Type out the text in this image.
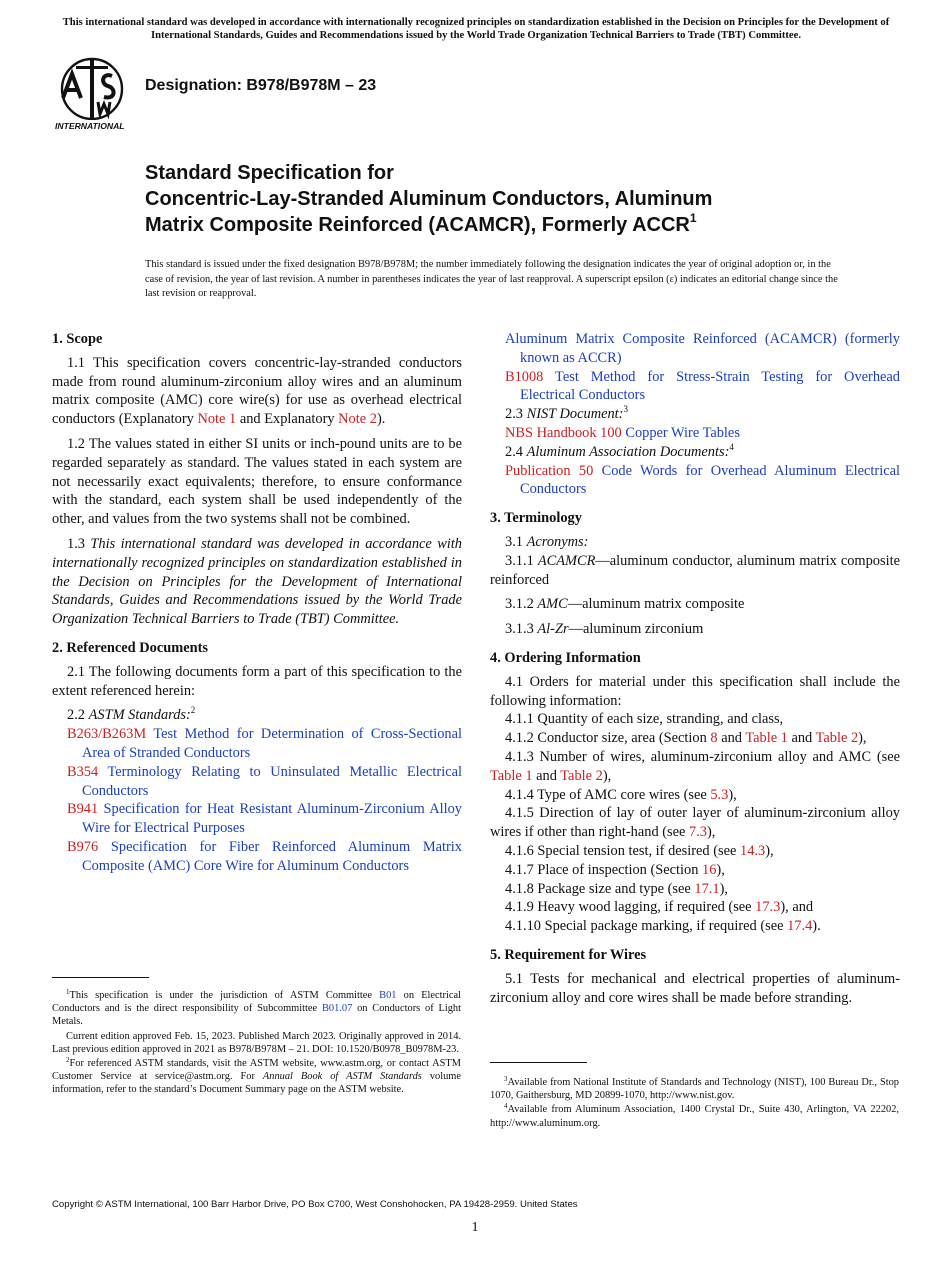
This international standard was developed in accordance with internationally recognized principles on standardization established in the Decision on Principles for the Development of International Standards, Guides and Recommendations issued by the World Trade Organization Technical Barriers to Trade (TBT) Committee.
INTERNATIONAL
Designation: B978/B978M – 23
Standard Specification for
Concentric-Lay-Stranded Aluminum Conductors, Aluminum
Matrix Composite Reinforced (ACAMCR), Formerly ACCR$^1$
This standard is issued under the fixed designation B978/B978M; the number immediately following the designation indicates the year of original adoption or, in the case of revision, the year of last revision. A number in parentheses indicates the year of last reapproval. A superscript epsilon (ε) indicates an editorial change since the last revision or reapproval.

1. Scope

1.1 This specification covers concentric-lay-stranded conductors made from round aluminum-zirconium alloy wires and an aluminum matrix composite (AMC) core wire(s) for use as overhead electrical conductors (Explanatory Note 1 and Explanatory Note 2).

1.2 The values stated in either SI units or inch-pound units are to be regarded separately as standard. The values stated in each system are not necessarily exact equivalents; therefore, to ensure conformance with the standard, each system shall be used independently of the other, and values from the two systems shall not be combined.

1.3 This international standard was developed in accordance with internationally recognized principles on standardization established in the Decision on Principles for the Development of International Standards, Guides and Recommendations issued by the World Trade Organization Technical Barriers to Trade (TBT) Committee.

2. Referenced Documents

2.1 The following documents form a part of this specification to the extent referenced herein:

2.2 ASTM Standards:$^2$

B263/B263M Test Method for Determination of Cross-Sectional Area of Stranded Conductors

B354 Terminology Relating to Uninsulated Metallic Electrical Conductors

B941 Specification for Heat Resistant Aluminum-Zirconium Alloy Wire for Electrical Purposes

B976 Specification for Fiber Reinforced Aluminum Matrix Composite (AMC) Core Wire for Aluminum Conductors

$^1$This specification is under the jurisdiction of ASTM Committee B01 on Electrical Conductors and is the direct responsibility of Subcommittee B01.07 on Conductors of Light Metals.

Current edition approved Feb. 15, 2023. Published March 2023. Originally approved in 2014. Last previous edition approved in 2021 as B978/B978M – 21. DOI: 10.1520/B0978_B0978M-23.

$^2$For referenced ASTM standards, visit the ASTM website, www.astm.org, or contact ASTM Customer Service at service@astm.org. For Annual Book of ASTM Standards volume information, refer to the standard’s Document Summary page on the ASTM website.

Aluminum Matrix Composite Reinforced (ACAMCR) (formerly known as ACCR)

B1008 Test Method for Stress-Strain Testing for Overhead Electrical Conductors

2.3 NIST Document:$^3$

NBS Handbook 100 Copper Wire Tables

2.4 Aluminum Association Documents:$^4$

Publication 50 Code Words for Overhead Aluminum Electrical Conductors

3. Terminology

3.1 Acronyms:

3.1.1 ACAMCR—aluminum conductor, aluminum matrix composite reinforced

3.1.2 AMC—aluminum matrix composite

3.1.3 Al-Zr—aluminum zirconium

4. Ordering Information

4.1 Orders for material under this specification shall include the following information:

4.1.1 Quantity of each size, stranding, and class,

4.1.2 Conductor size, area (Section 8 and Table 1 and Table 2),

4.1.3 Number of wires, aluminum-zirconium alloy and AMC (see Table 1 and Table 2),

4.1.4 Type of AMC core wires (see 5.3),

4.1.5 Direction of lay of outer layer of aluminum-zirconium alloy wires if other than right-hand (see 7.3),

4.1.6 Special tension test, if desired (see 14.3),

4.1.7 Place of inspection (Section 16),

4.1.8 Package size and type (see 17.1),

4.1.9 Heavy wood lagging, if required (see 17.3), and

4.1.10 Special package marking, if required (see 17.4).

5. Requirement for Wires

5.1 Tests for mechanical and electrical properties of aluminum-zirconium alloy and core wires shall be made before stranding.

$^3$Available from National Institute of Standards and Technology (NIST), 100 Bureau Dr., Stop 1070, Gaithersburg, MD 20899-1070, http://www.nist.gov.

$^4$Available from Aluminum Association, 1400 Crystal Dr., Suite 430, Arlington, VA 22202, http://www.aluminum.org.

Copyright © ASTM International, 100 Barr Harbor Drive, PO Box C700, West Conshohocken, PA 19428-2959. United States
1
